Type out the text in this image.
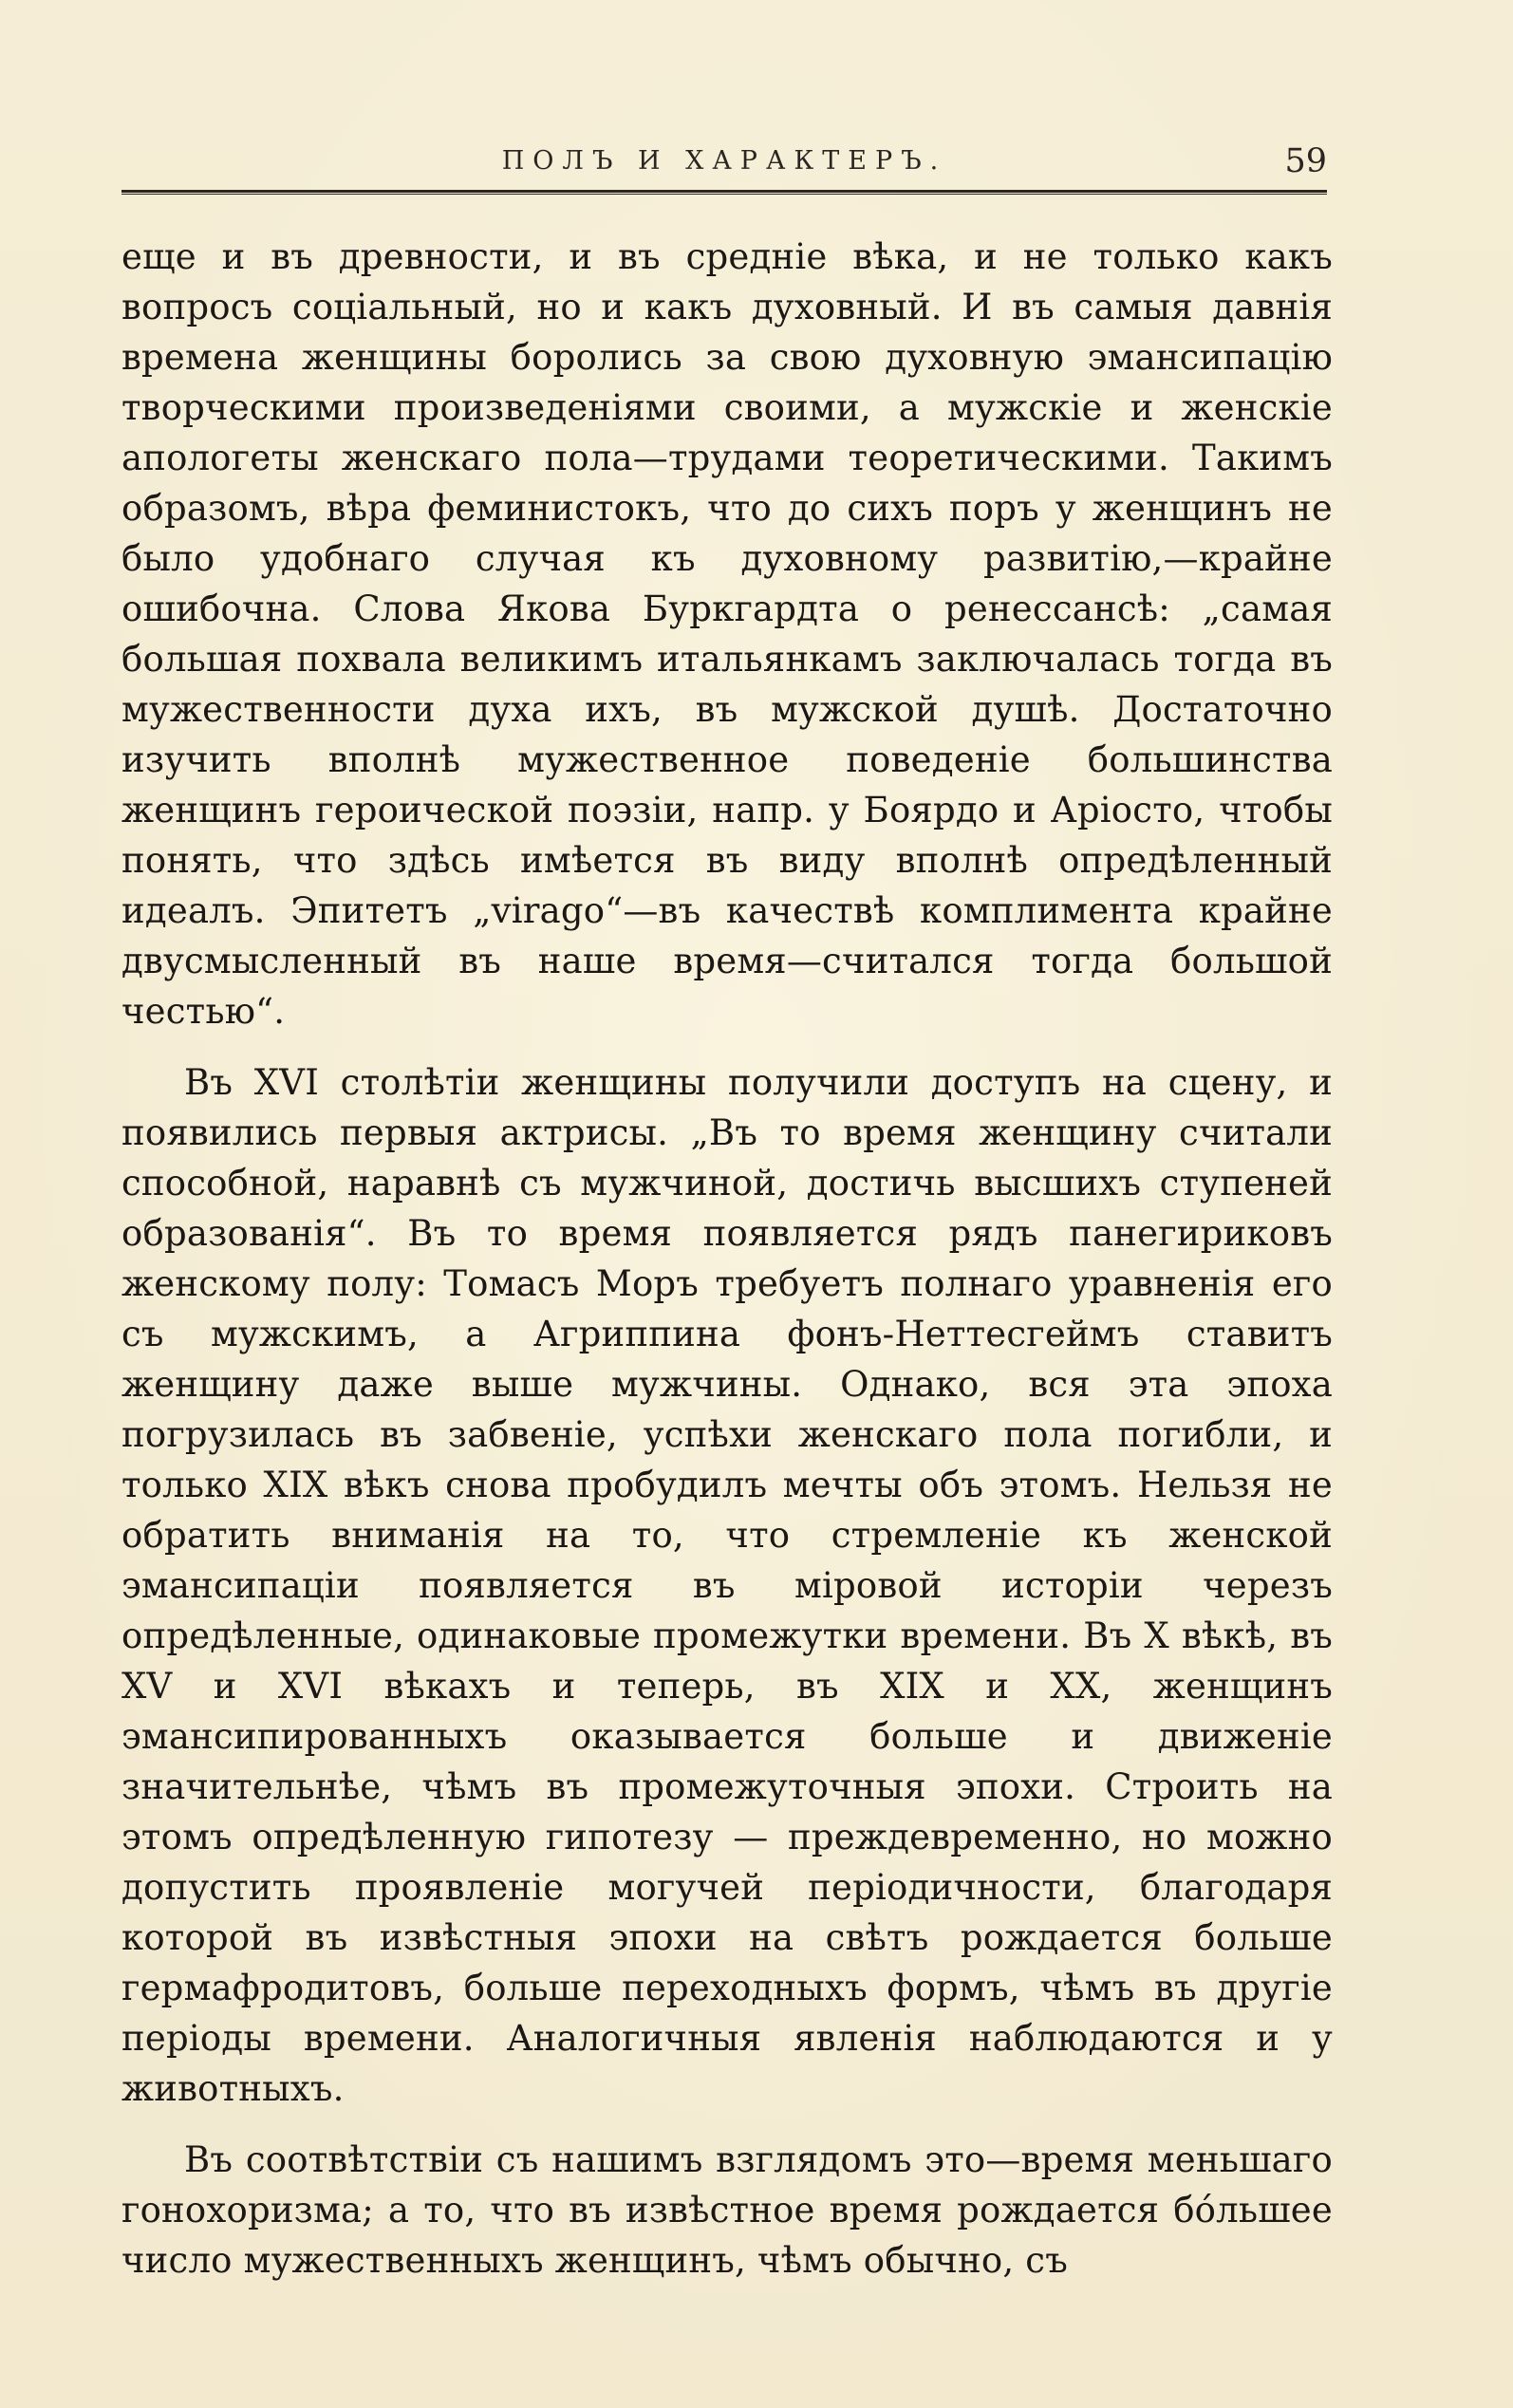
ПОЛЪ И ХАРАКТЕРЪ.	59

еще и въ древности, и въ средніе вѣка, и не только какъ вопросъ соціальный, но и какъ духовный. И въ самыя давнія времена женщины боролись за свою духовную эмансипацію творческими произведеніями своими, а мужскіе и женскіе апологеты женскаго пола—трудами теоретическими. Такимъ образомъ, вѣра феминистокъ, что до сихъ поръ у женщинъ не было удобнаго случая къ духовному развитію,—крайне ошибочна. Слова Якова Буркгардта о ренессансѣ: „самая большая похвала великимъ итальянкамъ заключалась тогда въ мужественности духа ихъ, въ мужской душѣ. Достаточно изучить вполнѣ мужественное поведеніе большинства женщинъ героической поэзіи, напр. у Боярдо и Аріосто, чтобы понять, что здѣсь имѣется въ виду вполнѣ опредѣленный идеалъ. Эпитетъ „virago“—въ качествѣ комплимента крайне двусмысленный въ наше время—считался тогда большой честью“.

Въ XVI столѣтіи женщины получили доступъ на сцену, и появились первыя актрисы. „Въ то время женщину считали способной, наравнѣ съ мужчиной, достичь высшихъ ступеней образованія“. Въ то время появляется рядъ панегириковъ женскому полу: Томасъ Моръ требуетъ полнаго уравненія его съ мужскимъ, а Агриппина фонъ-Неттесгеймъ ставитъ женщину даже выше мужчины. Однако, вся эта эпоха погрузилась въ забвеніе, успѣхи женскаго пола погибли, и только XIX вѣкъ снова пробудилъ мечты объ этомъ. Нельзя не обратить вниманія на то, что стремленіе къ женской эмансипаціи появляется въ міровой исторіи черезъ опредѣленные, одинаковые промежутки времени. Въ X вѣкѣ, въ XV и XVI вѣкахъ и теперь, въ XIX и XX, женщинъ эмансипированныхъ оказывается больше и движеніе значительнѣе, чѣмъ въ промежуточныя эпохи. Строить на этомъ опредѣленную гипотезу — преждевременно, но можно допустить проявленіе могучей періодичности, благодаря которой въ извѣстныя эпохи на свѣтъ рождается больше гермафродитовъ, больше переходныхъ формъ, чѣмъ въ другіе періоды времени. Аналогичныя явленія наблюдаются и у животныхъ.

Въ соотвѣтствіи съ нашимъ взглядомъ это—время меньшаго гонохоризма; а то, что въ извѣстное время рождается бо́льшее число мужественныхъ женщинъ, чѣмъ обычно, съ
